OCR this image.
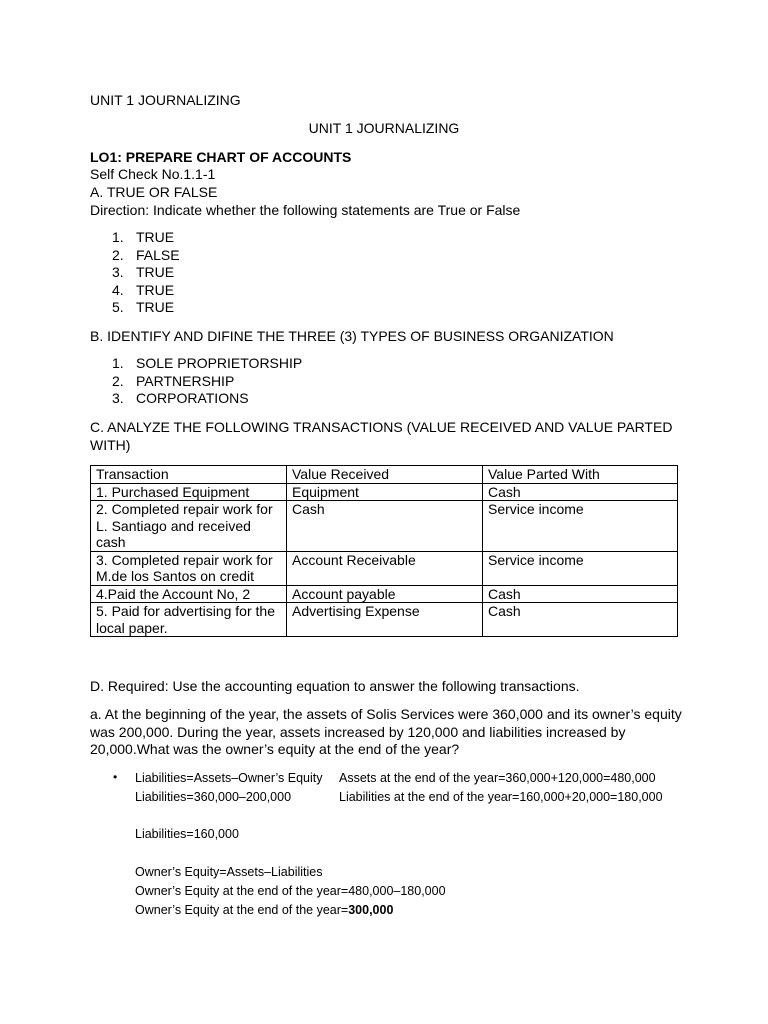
UNIT 1 JOURNALIZING
UNIT 1 JOURNALIZING
LO1: PREPARE CHART OF ACCOUNTS
Self Check No.1.1-1
A. TRUE OR FALSE
Direction: Indicate whether the following statements are True or False
1. TRUE
2. FALSE
3. TRUE
4. TRUE
5. TRUE
B. IDENTIFY AND DIFINE THE THREE (3) TYPES OF BUSINESS ORGANIZATION
1. SOLE PROPRIETORSHIP
2. PARTNERSHIP
3. CORPORATIONS
C. ANALYZE THE FOLLOWING TRANSACTIONS (VALUE RECEIVED AND VALUE PARTED WITH)
Transaction	Value Received	Value Parted With
1. Purchased Equipment	Equipment	Cash
2. Completed repair work for L. Santiago and received cash	Cash	Service income
3. Completed repair work for M.de los Santos on credit	Account Receivable	Service income
4.Paid the Account No, 2	Account payable	Cash
5. Paid for advertising for the local paper.	Advertising Expense	Cash
D. Required: Use the accounting equation to answer the following transactions.
a. At the beginning of the year, the assets of Solis Services were 360,000 and its owner’s equity was 200,000. During the year, assets increased by 120,000 and liabilities increased by 20,000.What was the owner’s equity at the end of the year?
• Liabilities=Assets–Owner’s Equity
Liabilities=360,000–200,000
Assets at the end of the year=360,000+120,000=480,000
Liabilities at the end of the year=160,000+20,000=180,000
Liabilities=160,000
Owner’s Equity=Assets–Liabilities
Owner’s Equity at the end of the year=480,000–180,000
Owner’s Equity at the end of the year=300,000
